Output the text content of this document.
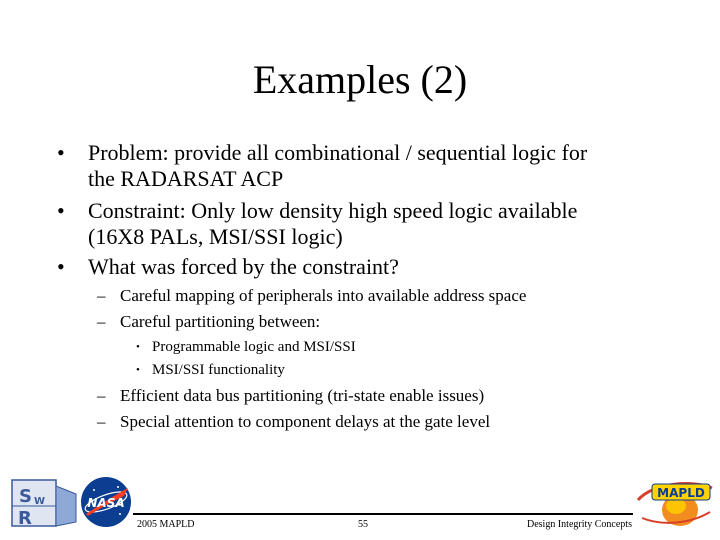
Examples (2)

• Problem: provide all combinational / sequential logic for

the RADARSAT ACP

• Constraint: Only low density high speed logic available

(16X8 PALs, MSI/SSI logic)

• What was forced by the constraint?

– Careful mapping of peripherals into available address space

– Careful partitioning between:

• Programmable logic and MSI/SSI

• MSI/SSI functionality

– Efficient data bus partitioning (tri-state enable issues)

– Special attention to component delays at the gate level

S W
R
NASA
MAPLD
2005 MAPLD	55	Design Integrity Concepts
